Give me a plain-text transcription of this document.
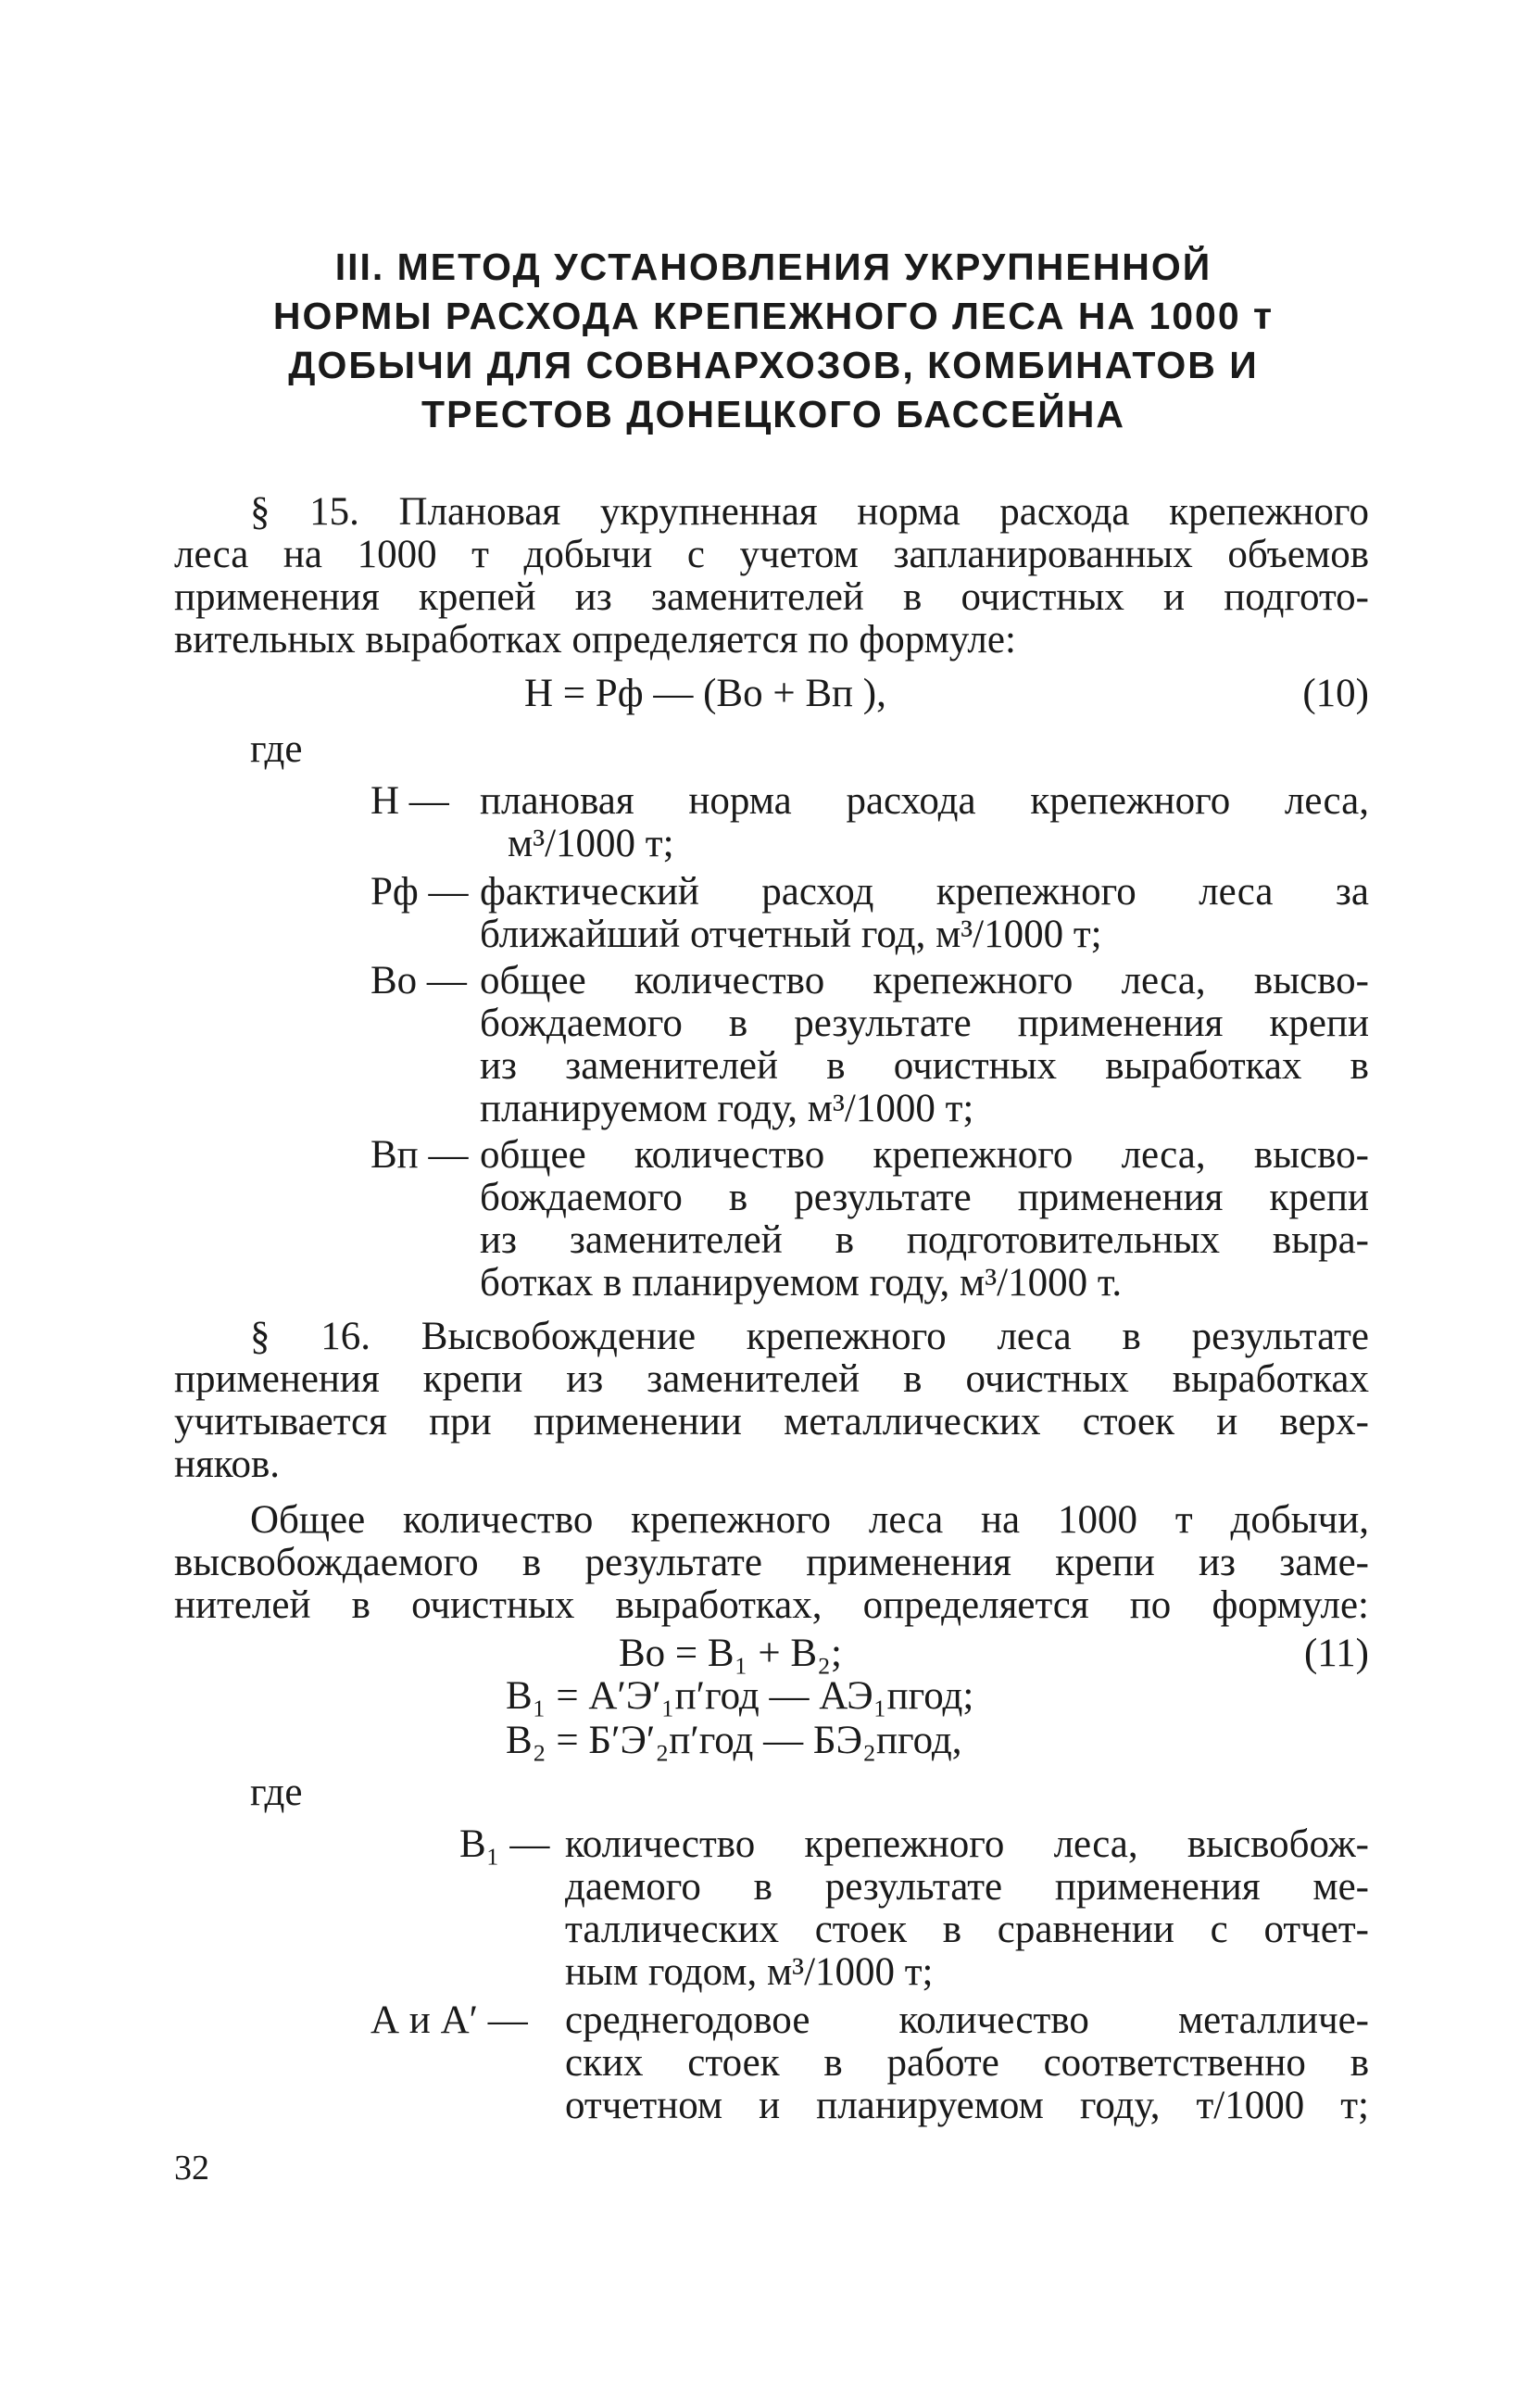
III. МЕТОД УСТАНОВЛЕНИЯ УКРУПНЕННОЙ
НОРМЫ РАСХОДА КРЕПЕЖНОГО ЛЕСА НА 1000 т
ДОБЫЧИ ДЛЯ СОВНАРХОЗОВ, КОМБИНАТОВ И
ТРЕСТОВ ДОНЕЦКОГО БАССЕЙНА
§ 15. Плановая укрупненная норма расхода крепежного
леса на 1000 т добычи с учетом запланированных объемов
применения крепей из заменителей в очистных и подгото-
вительных выработках определяется по формуле:
Н = Рф — (Во + Вп ),	(10)
где
Н — плановая норма расхода крепежного леса,
м³/1000 т;
Рф — фактический расход крепежного леса за
ближайший отчетный год, м³/1000 т;
Во — общее количество крепежного леса, высво-
бождаемого в результате применения крепи
из заменителей в очистных выработках в
планируемом году, м³/1000 т;
Вп — общее количество крепежного леса, высво-
бождаемого в результате применения крепи
из заменителей в подготовительных выра-
ботках в планируемом году, м³/1000 т.
§ 16. Высвобождение крепежного леса в результате
применения крепи из заменителей в очистных выработках
учитывается при применении металлических стоек и верх-
няков.
Общее количество крепежного леса на 1000 т добычи,
высвобождаемого в результате применения крепи из заме-
нителей в очистных выработках, определяется по формуле:
Во = В₁ + В₂;	(11)
В₁ = А′Э′₁п′год — АЭ₁пгод;
В₂ = Б′Э′₂п′год — БЭ₂пгод,
где
В₁ — количество крепежного леса, высвобож-
даемого в результате применения ме-
таллических стоек в сравнении с отчет-
ным годом, м³/1000 т;
А и А′ — среднегодовое количество металличе-
ских стоек в работе соответственно в
отчетном и планируемом году, т/1000 т;
32
